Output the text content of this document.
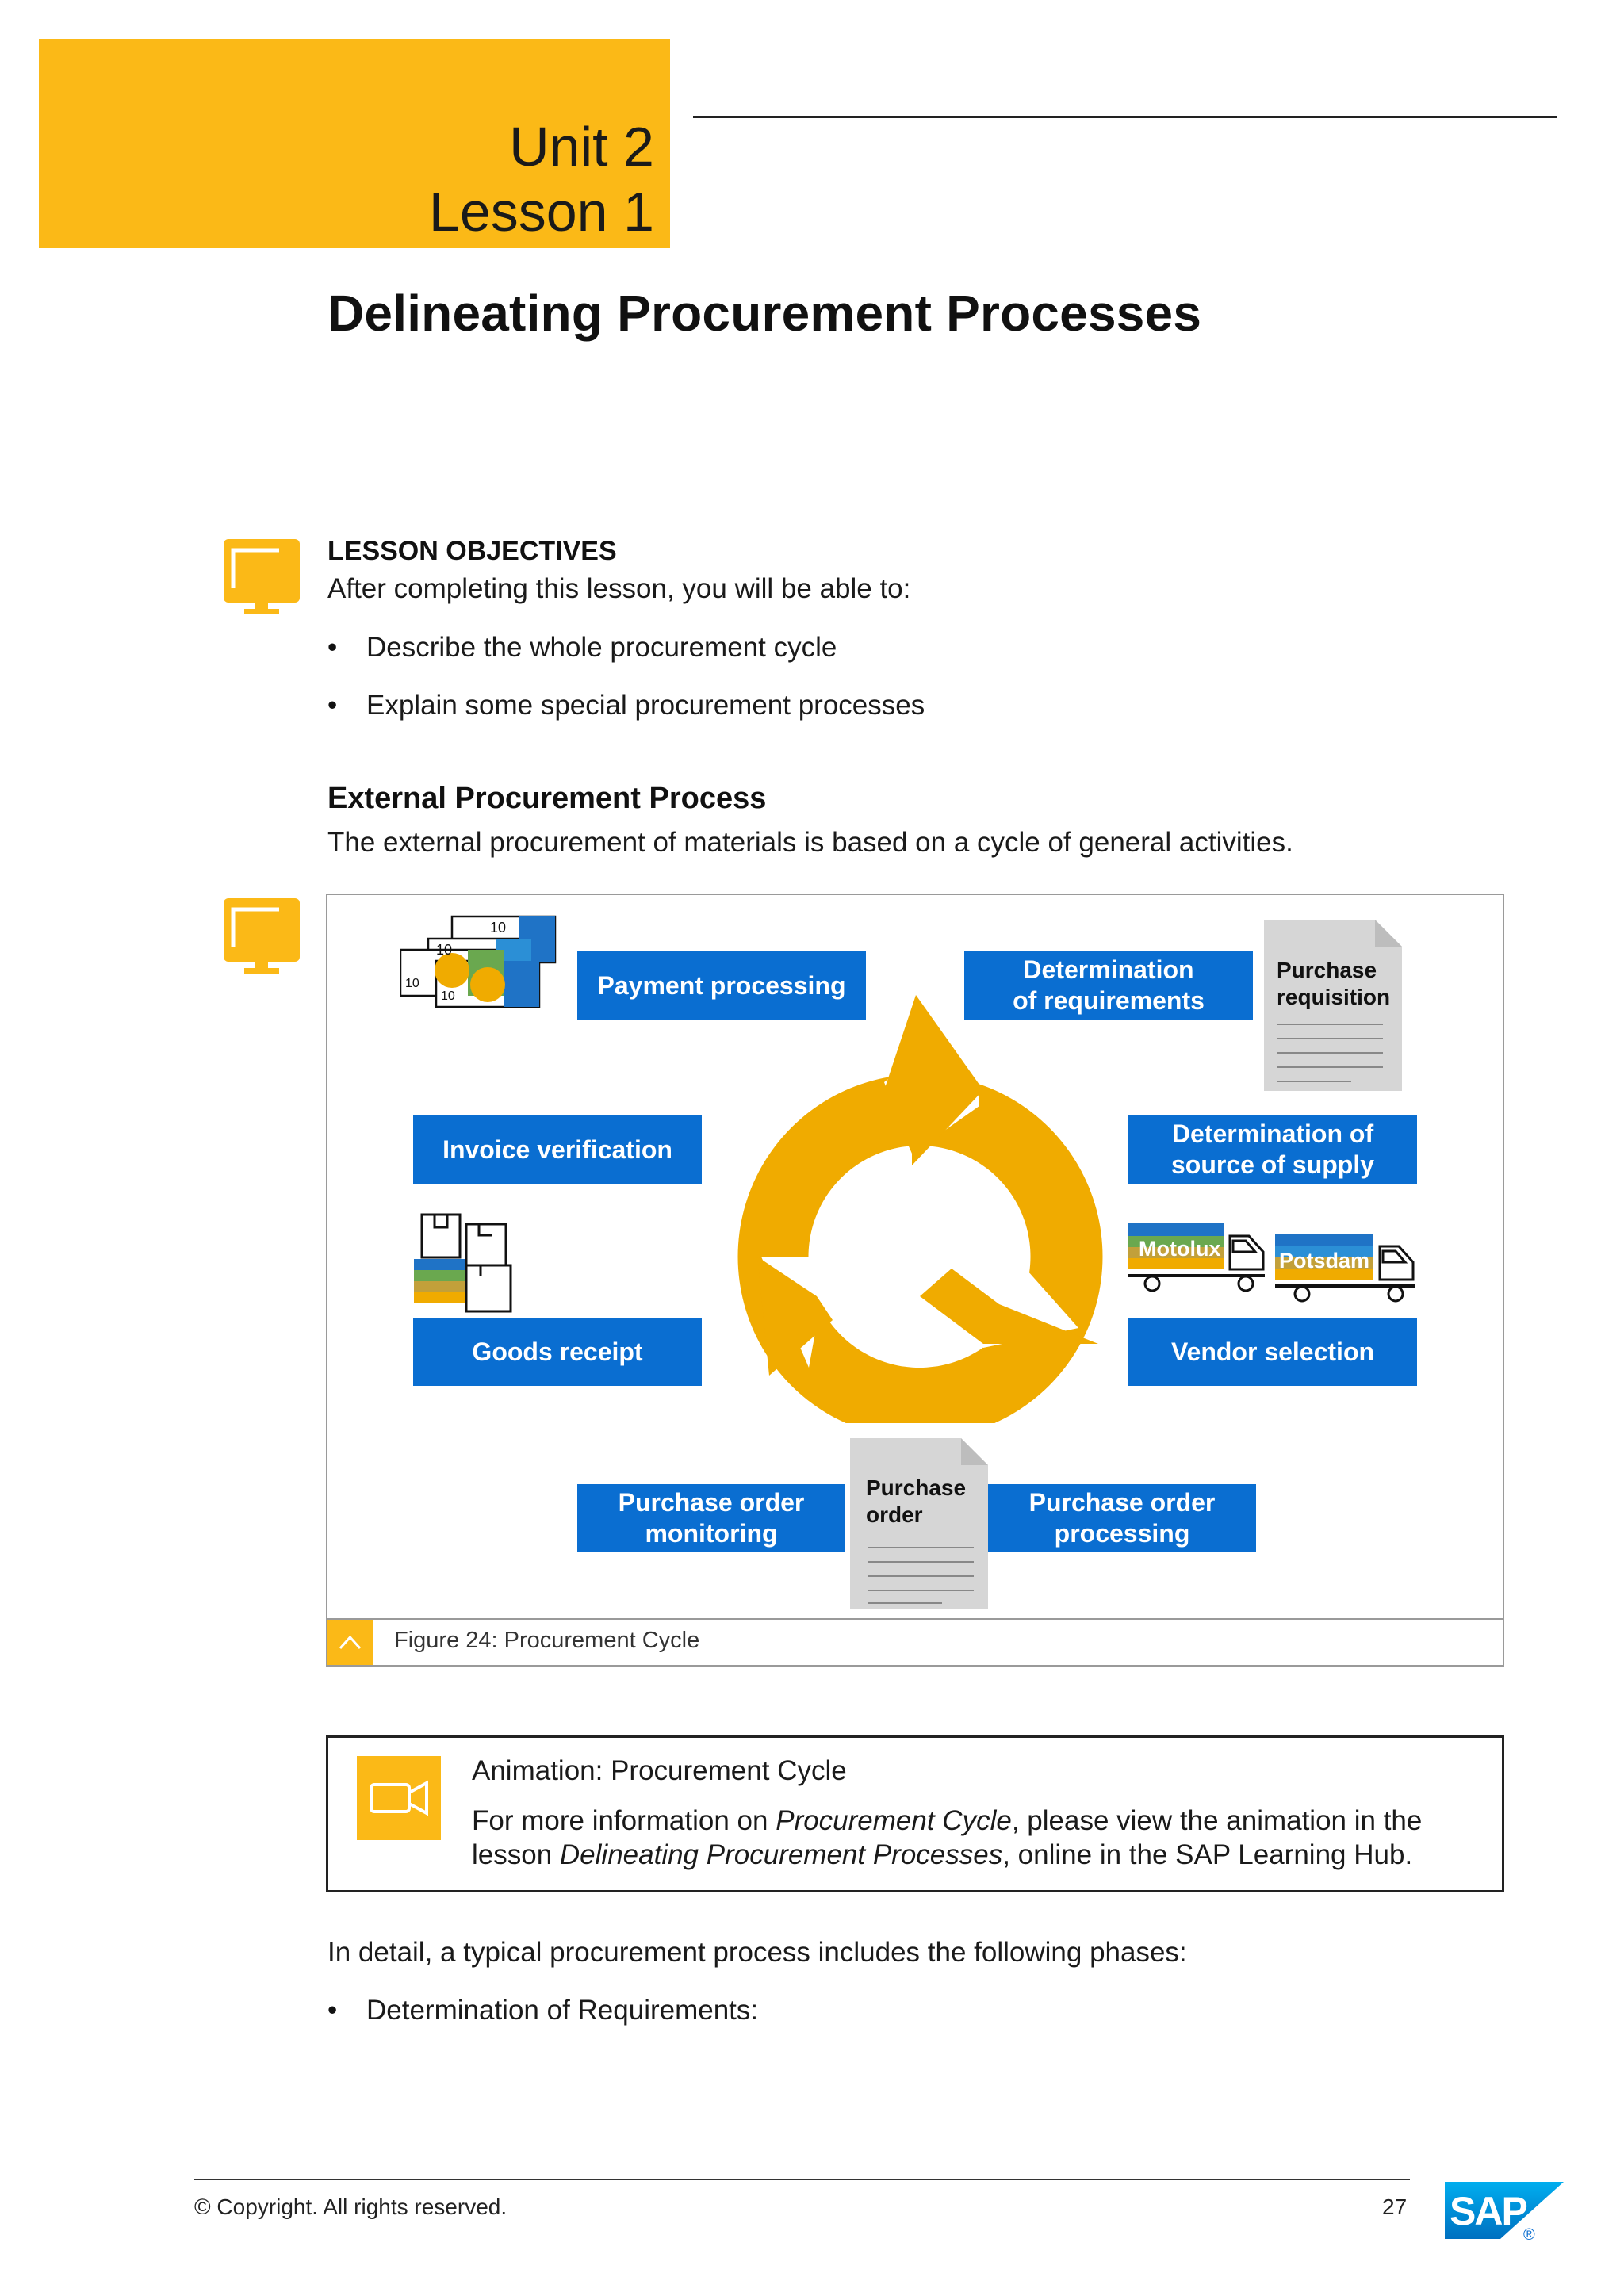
Unit 2
Lesson 1
Delineating Procurement Processes
LESSON OBJECTIVES
After completing this lesson, you will be able to:
• Describe the whole procurement cycle
• Explain some special procurement processes
External Procurement Process
The external procurement of materials is based on a cycle of general activities.
Payment processing
Determination
of requirements
Invoice verification
Determination of
source of supply
Goods receipt	Vendor selection
Purchase order
monitoring
Purchase order
processing
Purchase
requisition
Purchase
order
10
10
10
10
Motolux	Potsdam
Figure 24: Procurement Cycle
Animation: Procurement Cycle
For more information on Procurement Cycle, please view the animation in the
lesson Delineating Procurement Processes, online in the SAP Learning Hub.
In detail, a typical procurement process includes the following phases:
• Determination of Requirements:
© Copyright. All rights reserved.	27 SAP
®
